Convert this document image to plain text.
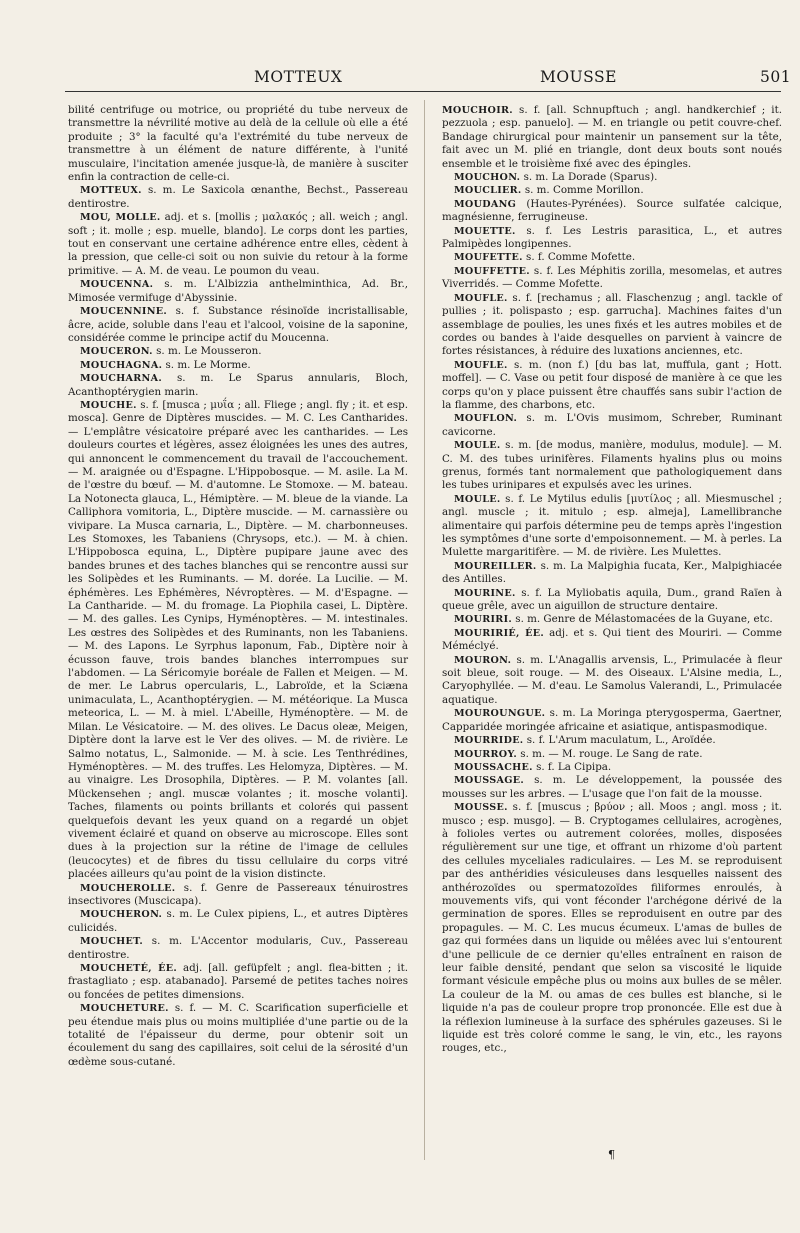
MOTTEUX	MOUSSE	501

bilité centrifuge ou motrice, ou propriété du tube nerveux de transmettre la névrilité motive au delà de la cellule où elle a été produite ; 3° la faculté qu'a l'extrémité du tube nerveux de transmettre à un élément de nature différente, à l'unité musculaire, l'incitation amenée jusque-là, de manière à susciter enfin la contraction de celle-ci.

MOTTEUX. s. m. Le Saxicola œnanthe, Bechst., Passereau dentirostre.

MOU, MOLLE. adj. et s. [mollis ; μαλακός ; all. weich ; angl. soft ; it. molle ; esp. muelle, blando]. Le corps dont les parties, tout en conservant une certaine adhérence entre elles, cèdent à la pression, que celle-ci soit ou non suivie du retour à la forme primitive. — A. M. de veau. Le poumon du veau.

MOUCENNA. s. m. L'Albizzia anthelminthica, Ad. Br., Mimosée vermifuge d'Abyssinie.

MOUCENNINE. s. f. Substance résinoïde incristallisable, âcre, acide, soluble dans l'eau et l'alcool, voisine de la saponine, considérée comme le principe actif du Moucenna.

MOUCERON. s. m. Le Mousseron.

MOUCHAGNA. s. m. Le Morme.

MOUCHARNA. s. m. Le Sparus annularis, Bloch, Acanthoptérygien marin.

MOUCHE. s. f. [musca ; μυΐα ; all. Fliege ; angl. fly ; it. et esp. mosca]. Genre de Diptères muscides. — M. C. Les Cantharides. — L'emplâtre vésicatoire préparé avec les cantharides. — Les douleurs courtes et légères, assez éloignées les unes des autres, qui annoncent le commencement du travail de l'accouchement. — M. araignée ou d'Espagne. L'Hippobosque. — M. asile. La M. de l'œstre du bœuf. — M. d'automne. Le Stomoxe. — M. bateau. La Notonecta glauca, L., Hémiptère. — M. bleue de la viande. La Calliphora vomitoria, L., Diptère muscide. — M. carnassière ou vivipare. La Musca carnaria, L., Diptère. — M. charbonneuses. Les Stomoxes, les Tabaniens (Chrysops, etc.). — M. à chien. L'Hippobosca equina, L., Diptère pupipare jaune avec des bandes brunes et des taches blanches qui se rencontre aussi sur les Solipèdes et les Ruminants. — M. dorée. La Lucilie. — M. éphémères. Les Ephémères, Névroptères. — M. d'Espagne. — La Cantharide. — M. du fromage. La Piophila casei, L. Diptère. — M. des galles. Les Cynips, Hyménoptères. — M. intestinales. Les œstres des Solipèdes et des Ruminants, non les Tabaniens. — M. des Lapons. Le Syrphus laponum, Fab., Diptère noir à écusson fauve, trois bandes blanches interrompues sur l'abdomen. — La Séricomyie boréale de Fallen et Meigen. — M. de mer. Le Labrus opercularis, L., Labroïde, et la Sciæna unimaculata, L., Acanthoptérygien. — M. météorique. La Musca meteorica, L. — M. à miel. L'Abeille, Hyménoptère. — M. de Milan. Le Vésicatoire. — M. des olives. Le Dacus oleæ, Meigen, Diptère dont la larve est le Ver des olives. — M. de rivière. Le Salmo notatus, L., Salmonide. — M. à scie. Les Tenthrédines, Hyménoptères. — M. des truffes. Les Helomyza, Diptères. — M. au vinaigre. Les Drosophila, Diptères. — P. M. volantes [all. Mückensehen ; angl. muscæ volantes ; it. mosche volanti]. Taches, filaments ou points brillants et colorés qui passent quelquefois devant les yeux quand on a regardé un objet vivement éclairé et quand on observe au microscope. Elles sont dues à la projection sur la rétine de l'image de cellules (leucocytes) et de fibres du tissu cellulaire du corps vitré placées ailleurs qu'au point de la vision distincte.

MOUCHEROLLE. s. f. Genre de Passereaux ténuirostres insectivores (Muscicapa).

MOUCHERON. s. m. Le Culex pipiens, L., et autres Diptères culicidés.

MOUCHET. s. m. L'Accentor modularis, Cuv., Passereau dentirostre.

MOUCHETÉ, ÉE. adj. [all. gefüpfelt ; angl. flea-bitten ; it. frastagliato ; esp. atabanado]. Parsemé de petites taches noires ou foncées de petites dimensions.

MOUCHETURE. s. f. — M. C. Scarification superficielle et peu étendue mais plus ou moins multipliée d'une partie ou de la totalité de l'épaisseur du derme, pour obtenir soit un écoulement du sang des capillaires, soit celui de la sérosité d'un œdème sous-cutané.

MOUCHOIR. s. f. [all. Schnupftuch ; angl. handkerchief ; it. pezzuola ; esp. panuelo]. — M. en triangle ou petit couvre-chef. Bandage chirurgical pour maintenir un pansement sur la tête, fait avec un M. plié en triangle, dont deux bouts sont noués ensemble et le troisième fixé avec des épingles.

MOUCHON. s. m. La Dorade (Sparus).

MOUCLIER. s. m. Comme Morillon.

MOUDANG (Hautes-Pyrénées). Source sulfatée calcique, magnésienne, ferrugineuse.

MOUETTE. s. f. Les Lestris parasitica, L., et autres Palmipèdes longipennes.

MOUFETTE. s. f. Comme Mofette.

MOUFFETTE. s. f. Les Méphitis zorilla, mesomelas, et autres Viverridés. — Comme Mofette.

MOUFLE. s. f. [rechamus ; all. Flaschenzug ; angl. tackle of pullies ; it. polispasto ; esp. garrucha]. Machines faites d'un assemblage de poulies, les unes fixés et les autres mobiles et de cordes ou bandes à l'aide desquelles on parvient à vaincre de fortes résistances, à réduire des luxations anciennes, etc.

MOUFLE. s. m. (non f.) [du bas lat, muffula, gant ; Hott. moffel]. — C. Vase ou petit four disposé de manière à ce que les corps qu'on y place puissent être chauffés sans subir l'action de la flamme, des charbons, etc.

MOUFLON. s. m. L'Ovis musimom, Schreber, Ruminant cavicorne.

MOULE. s. m. [de modus, manière, modulus, module]. — M. C. M. des tubes urinifères. Filaments hyalins plus ou moins grenus, formés tant normalement que pathologiquement dans les tubes urinipares et expulsés avec les urines.

MOULE. s. f. Le Mytilus edulis [μυτίλος ; all. Miesmuschel ; angl. muscle ; it. mitulo ; esp. almeja], Lamellibranche alimentaire qui parfois détermine peu de temps après l'ingestion les symptômes d'une sorte d'empoisonnement. — M. à perles. La Mulette margaritifère. — M. de rivière. Les Mulettes.

MOUREILLER. s. m. La Malpighia fucata, Ker., Malpighiacée des Antilles.

MOURINE. s. f. La Myliobatis aquila, Dum., grand Raïen à queue grêle, avec un aiguillon de structure dentaire.

MOURIRI. s. m. Genre de Mélastomacées de la Guyane, etc.

MOURIRIÉ, ÉE. adj. et s. Qui tient des Mouriri. — Comme Méméclyé.

MOURON. s. m. L'Anagallis arvensis, L., Primulacée à fleur soit bleue, soit rouge. — M. des Oiseaux. L'Alsine media, L., Caryophyllée. — M. d'eau. Le Samolus Valerandi, L., Primulacée aquatique.

MOUROUNGUE. s. m. La Moringa pterygosperma, Gaertner, Capparidée moringée africaine et asiatique, antispasmodique.

MOURRIDE. s. f. L'Arum maculatum, L., Aroïdée.

MOURROY. s. m. — M. rouge. Le Sang de rate.

MOUSSACHE. s. f. La Cipipa.

MOUSSAGE. s. m. Le développement, la poussée des mousses sur les arbres. — L'usage que l'on fait de la mousse.

MOUSSE. s. f. [muscus ; βρύον ; all. Moos ; angl. moss ; it. musco ; esp. musgo]. — B. Cryptogames cellulaires, acrogènes, à folioles vertes ou autrement colorées, molles, disposées régulièrement sur une tige, et offrant un rhizome d'où partent des cellules myceliales radiculaires. — Les M. se reproduisent par des anthéridies vésiculeuses dans lesquelles naissent des anthérozoïdes ou spermatozoïdes filiformes enroulés, à mouvements vifs, qui vont féconder l'archégone dérivé de la germination de spores. Elles se reproduisent en outre par des propagules. — M. C. Les mucus écumeux. L'amas de bulles de gaz qui formées dans un liquide ou mêlées avec lui s'entourent d'une pellicule de ce dernier qu'elles entraînent en raison de leur faible densité, pendant que selon sa viscosité le liquide formant vésicule empêche plus ou moins aux bulles de se mêler. La couleur de la M. ou amas de ces bulles est blanche, si le liquide n'a pas de couleur propre trop prononcée. Elle est due à la réflexion lumineuse à la surface des sphérules gazeuses. Si le liquide est très coloré comme le sang, le vin, etc., les rayons rouges, etc.,

¶
